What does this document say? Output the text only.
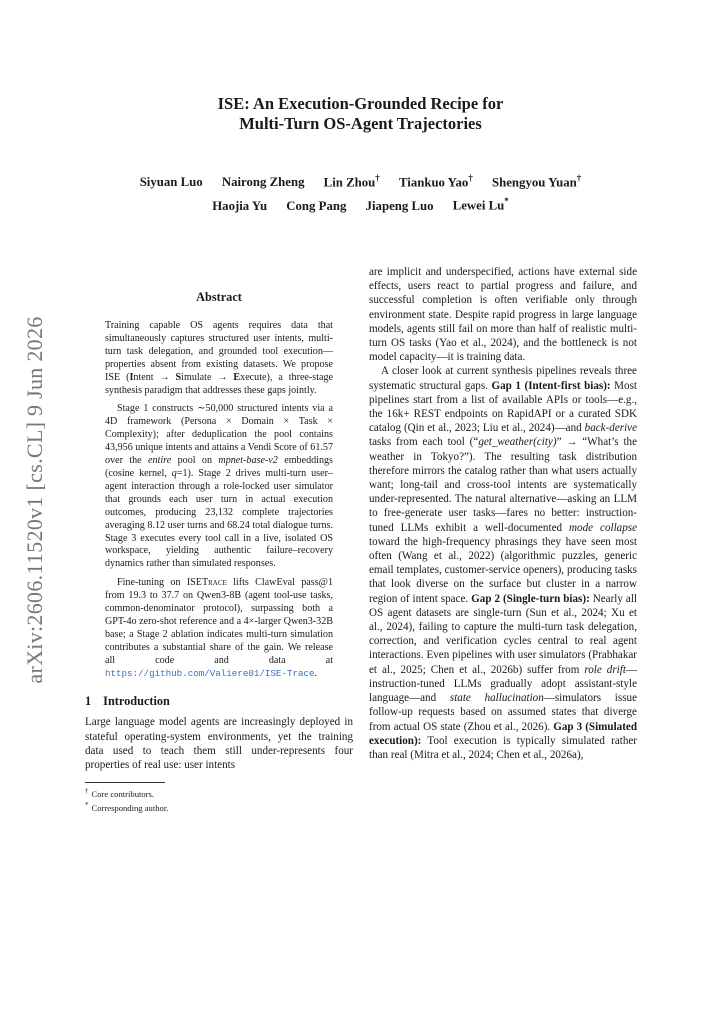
arXiv:2606.11520v1 [cs.CL] 9 Jun 2026
ISE: An Execution-Grounded Recipe for
Multi-Turn OS-Agent Trajectories
Siyuan Luo Nairong Zheng Lin Zhou† Tiankuo Yao† Shengyou Yuan†
Haojia Yu Cong Pang Jiapeng Luo Lewei Lu*
Abstract

Training capable OS agents requires data that simultaneously captures structured user intents, multi-turn task delegation, and grounded tool execution—properties absent from existing datasets. We propose ISE (Intent → Simulate → Execute), a three-stage synthesis paradigm that addresses these gaps jointly.

Stage 1 constructs ∼50,000 structured intents via a 4D framework (Persona × Domain × Task × Complexity); after deduplication the pool contains 43,956 unique intents and attains a Vendi Score of 61.57 over the entire pool on mpnet-base-v2 embeddings (cosine kernel, q=1). Stage 2 drives multi-turn user–agent interaction through a role-locked user simulator that grounds each user turn in actual execution outcomes, producing 23,132 complete trajectories averaging 8.12 user turns and 68.24 total dialogue turns. Stage 3 executes every tool call in a live, isolated OS workspace, yielding authentic failure–recovery dynamics rather than simulated responses.

Fine-tuning on ISETrace lifts ClawEval pass@1 from 19.3 to 37.7 on Qwen3-8B (agent tool-use tasks, common-denominator protocol), surpassing both a GPT-4o zero-shot reference and a 4×-larger Qwen3-32B base; a Stage 2 ablation indicates multi-turn simulation contributes a substantial share of the gain. We release all code and data at https://github.com/Valiere01/ISE-Trace.

1 Introduction

Large language model agents are increasingly deployed in stateful operating-system environments, yet the training data used to teach them still under-represents four properties of real use: user intents

† Core contributors.
* Corresponding author.

are implicit and underspecified, actions have external side effects, users react to partial progress and failure, and successful completion is often verifiable only through environment state. Despite rapid progress in large language models, agents still fail on more than half of realistic multi-turn OS tasks (Yao et al., 2024), and the bottleneck is not model capacity—it is training data.

A closer look at current synthesis pipelines reveals three systematic structural gaps. Gap 1 (Intent-first bias): Most pipelines start from a list of available APIs or tools—e.g., the 16k+ REST endpoints on RapidAPI or a curated SDK catalog (Qin et al., 2023; Liu et al., 2024)—and back-derive tasks from each tool (“get_weather(city)” → “What’s the weather in Tokyo?”). The resulting task distribution therefore mirrors the catalog rather than what users actually want; long-tail and cross-tool intents are systematically under-represented. The natural alternative—asking an LLM to free-generate user tasks—fares no better: instruction-tuned LLMs exhibit a well-documented mode collapse toward the high-frequency phrasings they have seen most often (Wang et al., 2022) (algorithmic puzzles, generic email templates, customer-service openers), producing tasks that look diverse on the surface but cluster in a narrow region of intent space. Gap 2 (Single-turn bias): Nearly all OS agent datasets are single-turn (Sun et al., 2024; Xu et al., 2024), failing to capture the multi-turn task delegation, correction, and verification cycles central to real agent interactions. Even pipelines with user simulators (Prabhakar et al., 2025; Chen et al., 2026b) suffer from role drift—instruction-tuned LLMs gradually adopt assistant-style language—and state hallucination—simulators issue follow-up requests based on assumed states that diverge from actual OS state (Zhou et al., 2026). Gap 3 (Simulated execution): Tool execution is typically simulated rather than real (Mitra et al., 2024; Chen et al., 2026a),
